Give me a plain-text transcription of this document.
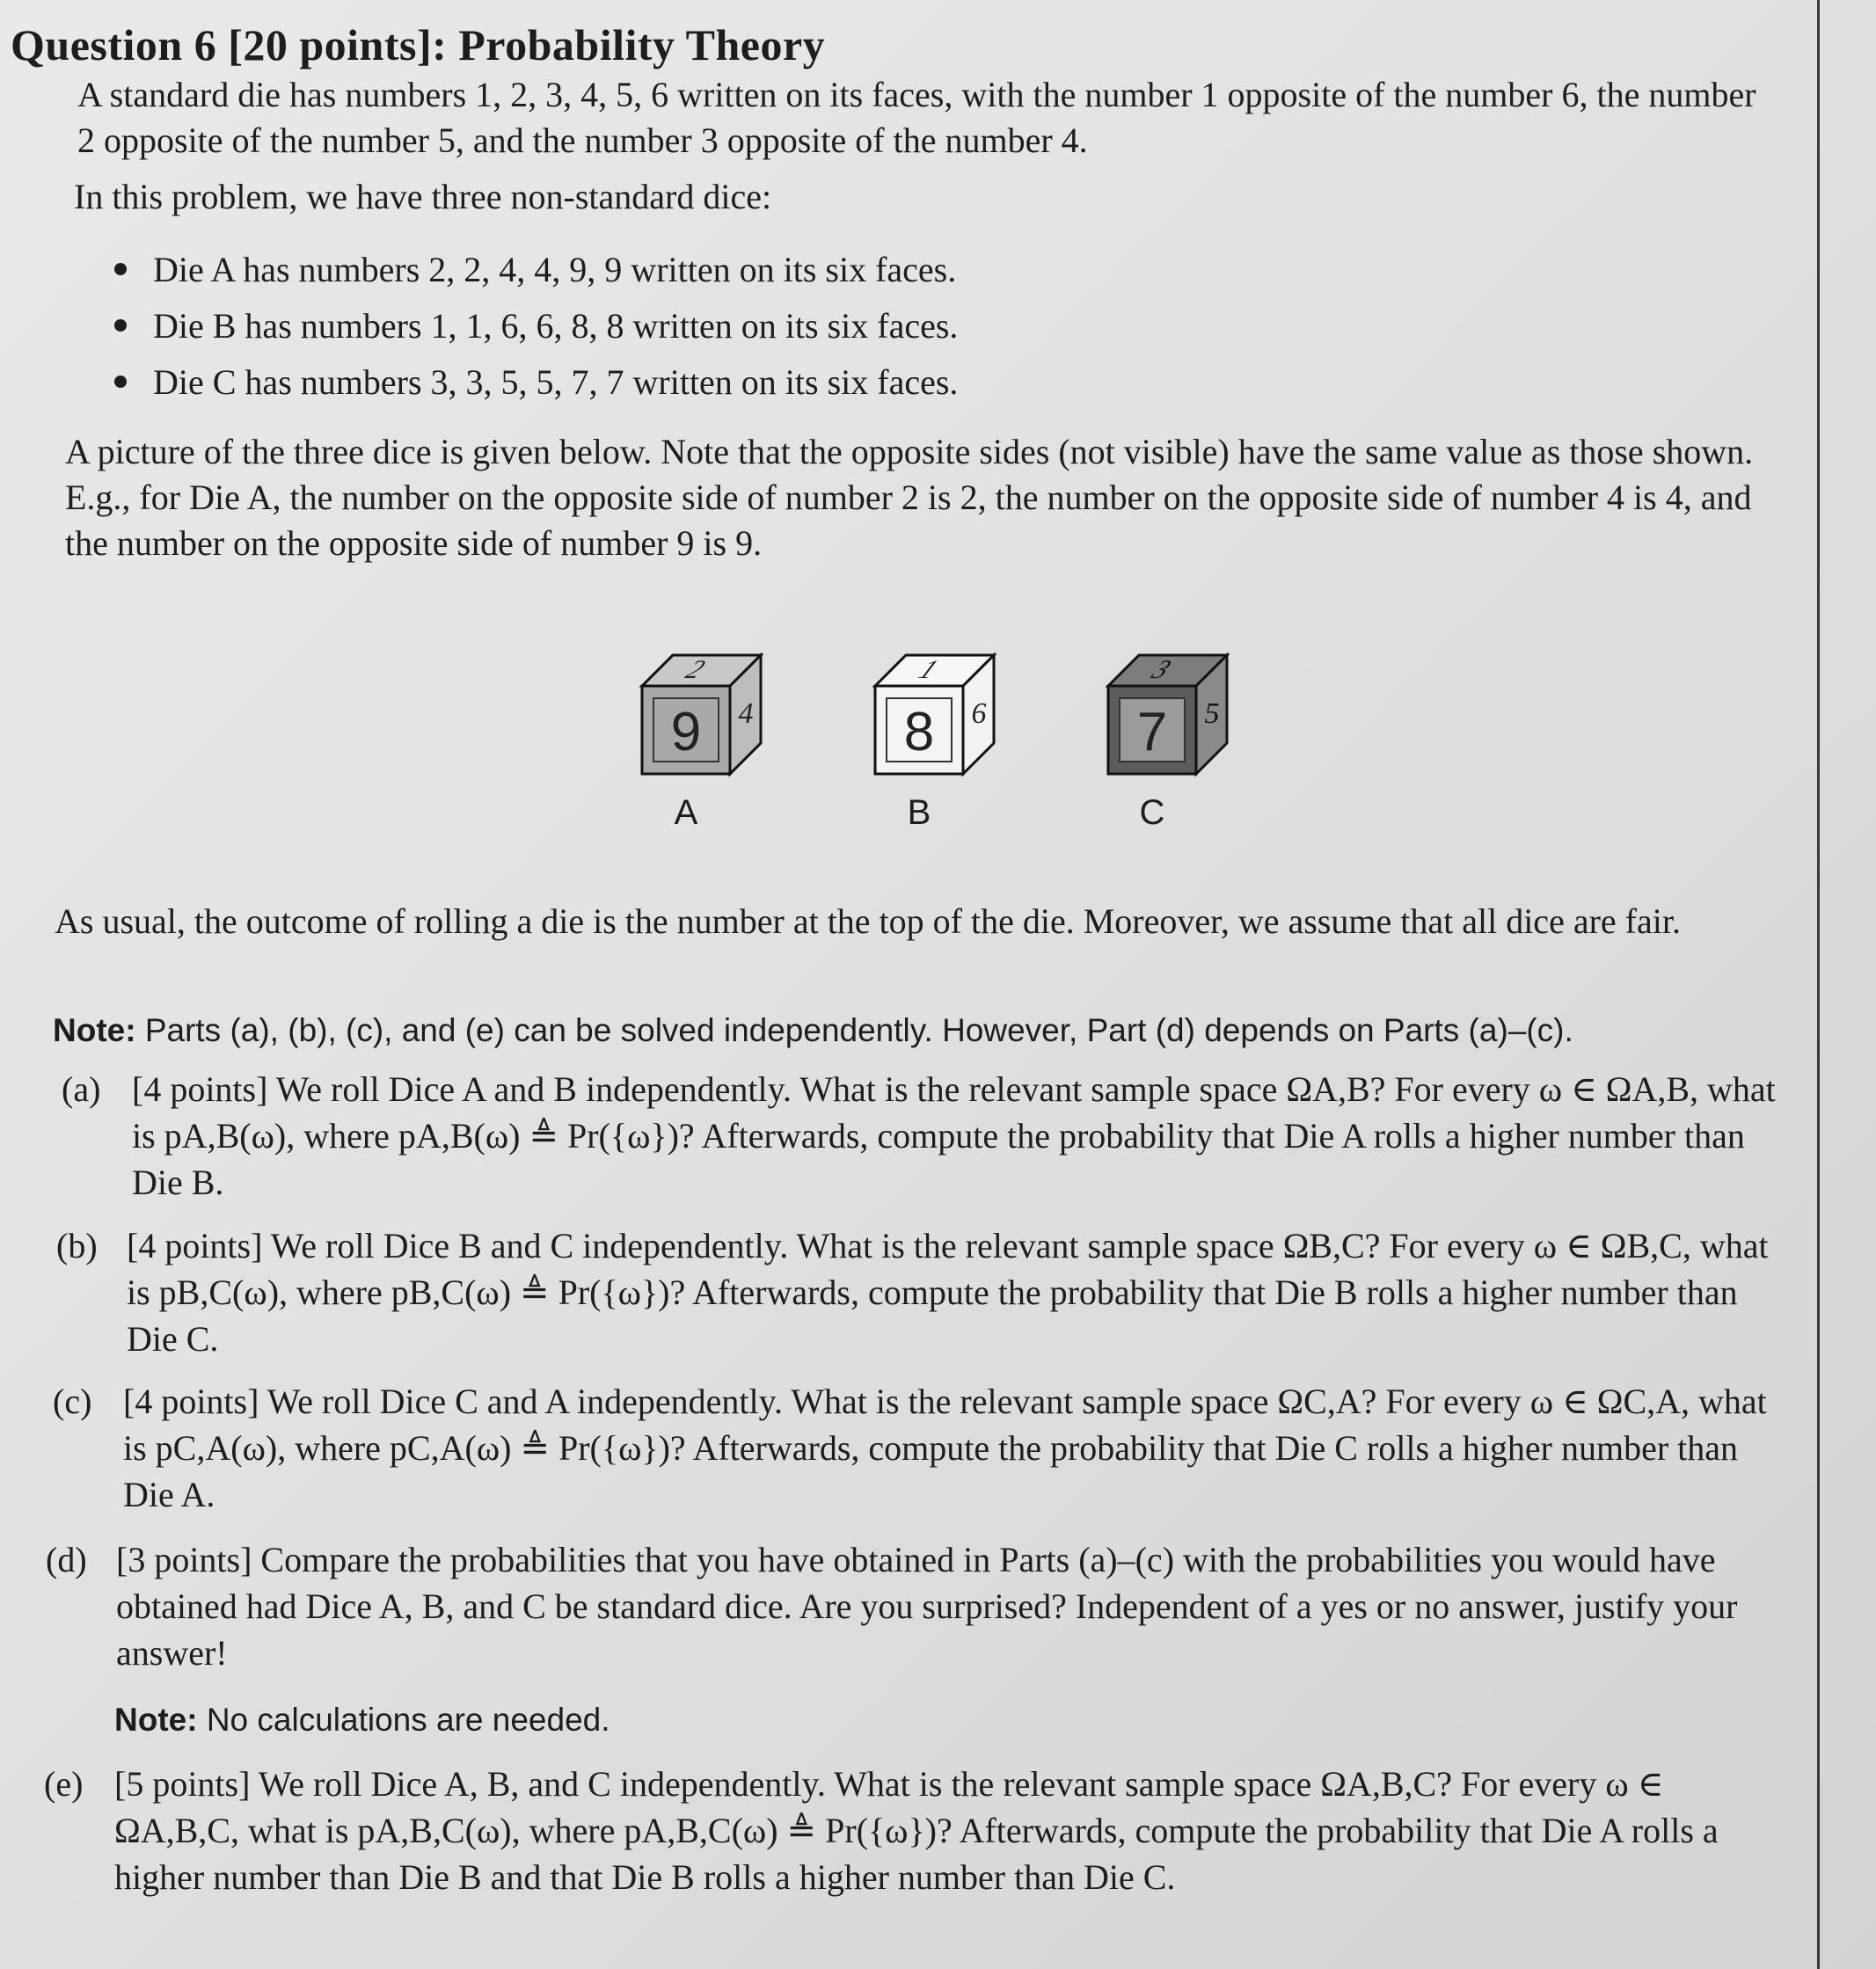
Question 6 [20 points]: Probability Theory
A standard die has numbers 1, 2, 3, 4, 5, 6 written on its faces, with the number 1 opposite of the number 6, the number 2 opposite of the number 5, and the number 3 opposite of the number 4.
In this problem, we have three non-standard dice:
Die A has numbers 2, 2, 4, 4, 9, 9 written on its six faces.
Die B has numbers 1, 1, 6, 6, 8, 8 written on its six faces.
Die C has numbers 3, 3, 5, 5, 7, 7 written on its six faces.
A picture of the three dice is given below. Note that the opposite sides (not visible) have the same value as those shown. E.g., for Die A, the number on the opposite side of number 2 is 2, the number on the opposite side of number 4 is 4, and the number on the opposite side of number 9 is 9.
9
2
4
A
8
1
6
B
7
3
5
C
As usual, the outcome of rolling a die is the number at the top of the die. Moreover, we assume that all dice are fair.
Note: Parts (a), (b), (c), and (e) can be solved independently. However, Part (d) depends on Parts (a)–(c).
(a) [4 points] We roll Dice A and B independently. What is the relevant sample space ΩA,B? For every ω ∈ ΩA,B, what is pA,B(ω), where pA,B(ω) ≜ Pr({ω})? Afterwards, compute the probability that Die A rolls a higher number than Die B.
(b) [4 points] We roll Dice B and C independently. What is the relevant sample space ΩB,C? For every ω ∈ ΩB,C, what is pB,C(ω), where pB,C(ω) ≜ Pr({ω})? Afterwards, compute the probability that Die B rolls a higher number than Die C.
(c) [4 points] We roll Dice C and A independently. What is the relevant sample space ΩC,A? For every ω ∈ ΩC,A, what is pC,A(ω), where pC,A(ω) ≜ Pr({ω})? Afterwards, compute the probability that Die C rolls a higher number than Die A.
(d) [3 points] Compare the probabilities that you have obtained in Parts (a)–(c) with the probabilities you would have obtained had Dice A, B, and C be standard dice. Are you surprised? Independent of a yes or no answer, justify your answer!
Note: No calculations are needed.
(e) [5 points] We roll Dice A, B, and C independently. What is the relevant sample space ΩA,B,C? For every ω ∈ ΩA,B,C, what is pA,B,C(ω), where pA,B,C(ω) ≜ Pr({ω})? Afterwards, compute the probability that Die A rolls a higher number than Die B and that Die B rolls a higher number than Die C.
